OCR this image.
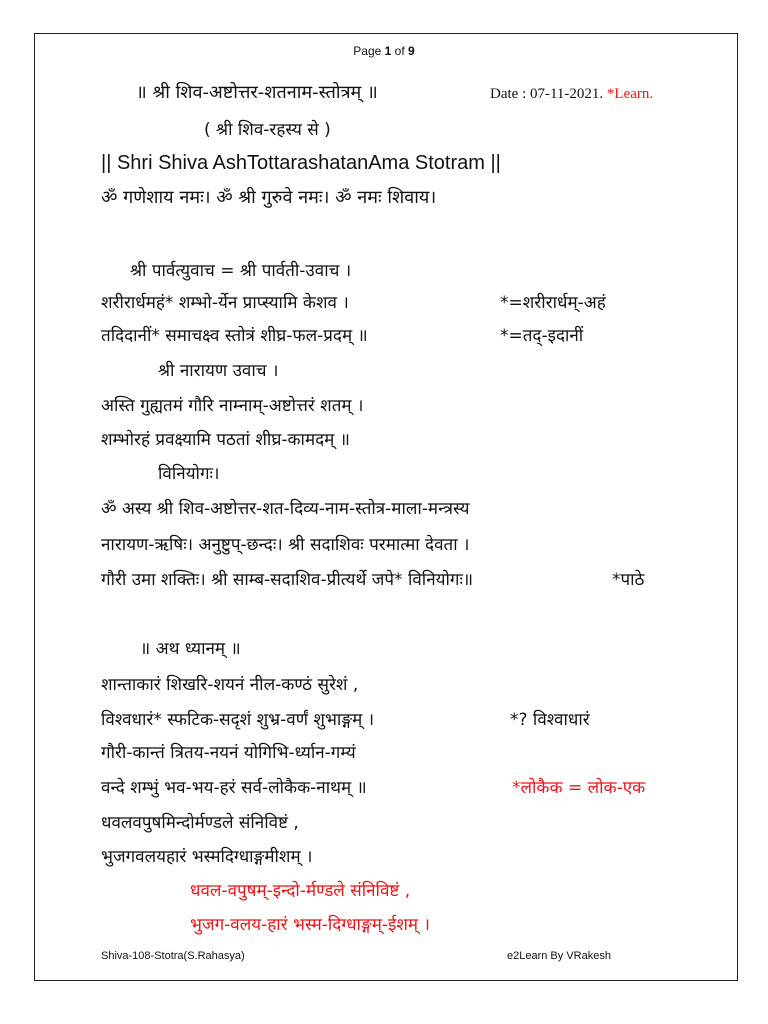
Page 1 of 9
॥ श्री शिव-अष्टोत्तर-शतनाम-स्तोत्रम् ॥	Date : 07-11-2021. *Learn.
( श्री शिव-रहस्य से )
|| Shri Shiva AshTottarashatanAma Stotram ||
ॐ गणेशाय नमः। ॐ श्री गुरुवे नमः। ॐ नमः शिवाय।
श्री पार्वत्युवाच = श्री पार्वती-उवाच ।
शरीरार्धमहं* शम्भो-र्येन प्राप्स्यामि केशव ।	*=शरीरार्धम्-अहं
तदिदानीं* समाचक्ष्व स्तोत्रं शीघ्र-फल-प्रदम् ॥	*=तद्-इदानीं
श्री नारायण उवाच ।
अस्ति गुह्यतमं गौरि नाम्नाम्-अष्टोत्तरं शतम् ।
शम्भोरहं प्रवक्ष्यामि पठतां शीघ्र-कामदम् ॥
विनियोगः।
ॐ अस्य श्री शिव-अष्टोत्तर-शत-दिव्य-नाम-स्तोत्र-माला-मन्त्रस्य
नारायण-ऋषिः। अनुष्टुप्-छन्दः। श्री सदाशिवः परमात्मा देवता ।
गौरी उमा शक्तिः। श्री साम्ब-सदाशिव-प्रीत्यर्थे जपे* विनियोगः॥	*पाठे
॥ अथ ध्यानम् ॥
शान्ताकारं शिखरि-शयनं नील-कण्ठं सुरेशं ,
विश्वधारं* स्फटिक-सदृशं शुभ्र-वर्णं शुभाङ्गम् ।	*? विश्वाधारं
गौरी-कान्तं त्रितय-नयनं योगिभि-र्ध्यान-गम्यं
वन्दे शम्भुं भव-भय-हरं सर्व-लोकैक-नाथम् ॥	*लोकैक = लोक-एक
धवलवपुषमिन्दोर्मण्डले संनिविष्टं ,
भुजगवलयहारं भस्मदिग्धाङ्गमीशम् ।
धवल-वपुषम्-इन्दो-र्मण्डले संनिविष्टं ,
भुजग-वलय-हारं भस्म-दिग्धाङ्गम्-ईशम् ।
Shiva-108-Stotra(S.Rahasya)	e2Learn By VRakesh
